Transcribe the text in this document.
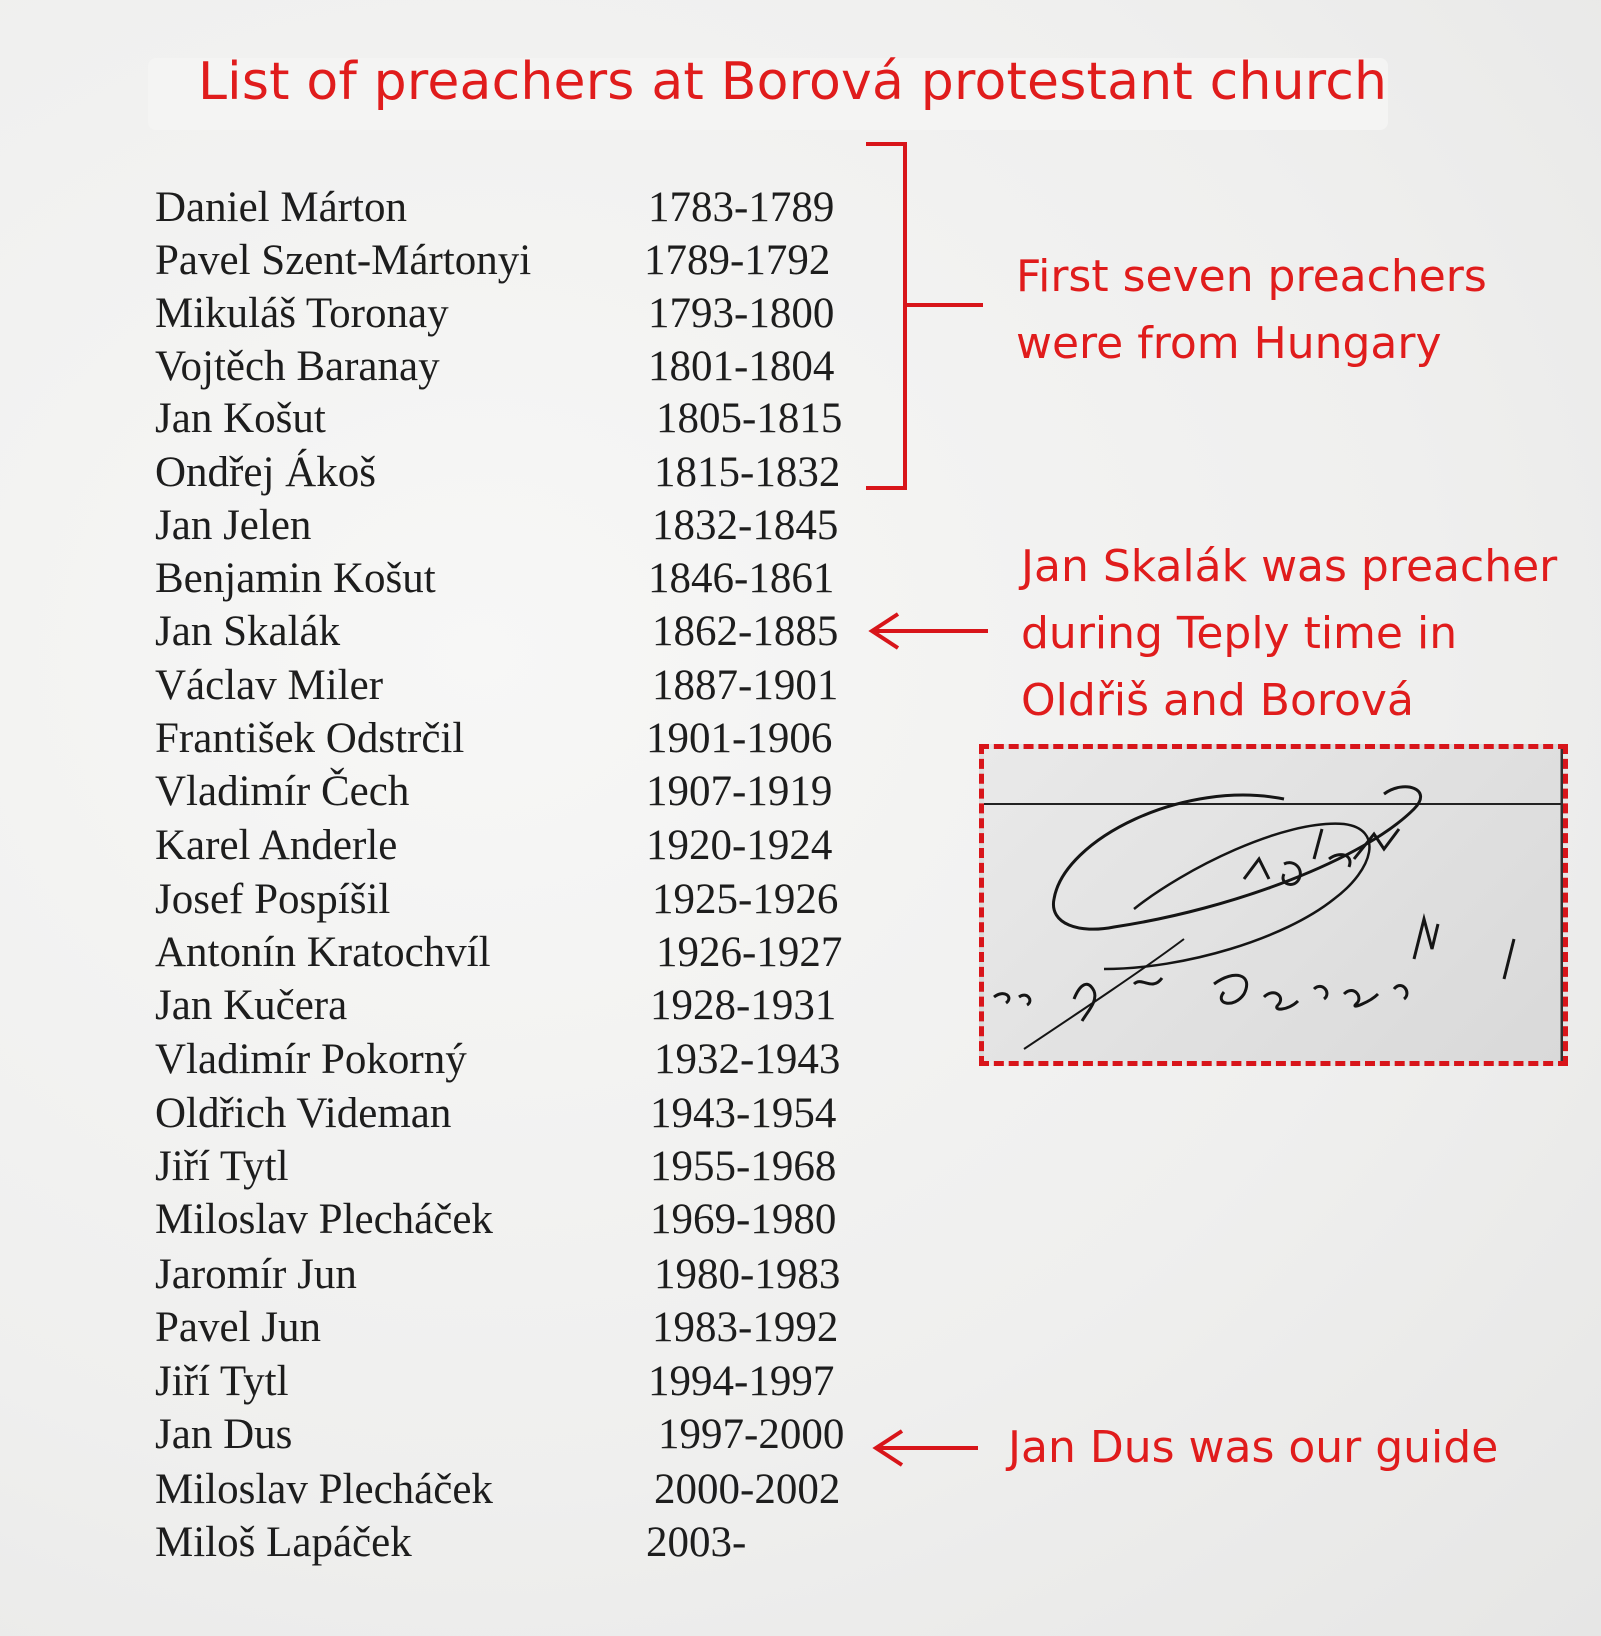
List of preachers at Borová protestant church
Daniel Márton	1783-1789
Pavel Szent-Mártonyi	1789-1792
Mikuláš Toronay	1793-1800
Vojtěch Baranay	1801-1804
Jan Košut	1805-1815
Ondřej Ákoš	1815-1832
Jan Jelen	1832-1845
Benjamin Košut	1846-1861
Jan Skalák	1862-1885
Václav Miler	1887-1901
František Odstrčil	1901-1906
Vladimír Čech	1907-1919
Karel Anderle	1920-1924
Josef Pospíšil	1925-1926
Antonín Kratochvíl	1926-1927
Jan Kučera	1928-1931
Vladimír Pokorný	1932-1943
Oldřich Videman	1943-1954
Jiří Tytl	1955-1968
Miloslav Plecháček	1969-1980
Jaromír Jun	1980-1983
Pavel Jun	1983-1992
Jiří Tytl	1994-1997
Jan Dus	1997-2000
Miloslav Plecháček	2000-2002
Miloš Lapáček	2003-
First seven preachers
were from Hungary
Jan Skalák was preacher
during Teply time in
Oldřiš and Borová
Jan Dus was our guide
